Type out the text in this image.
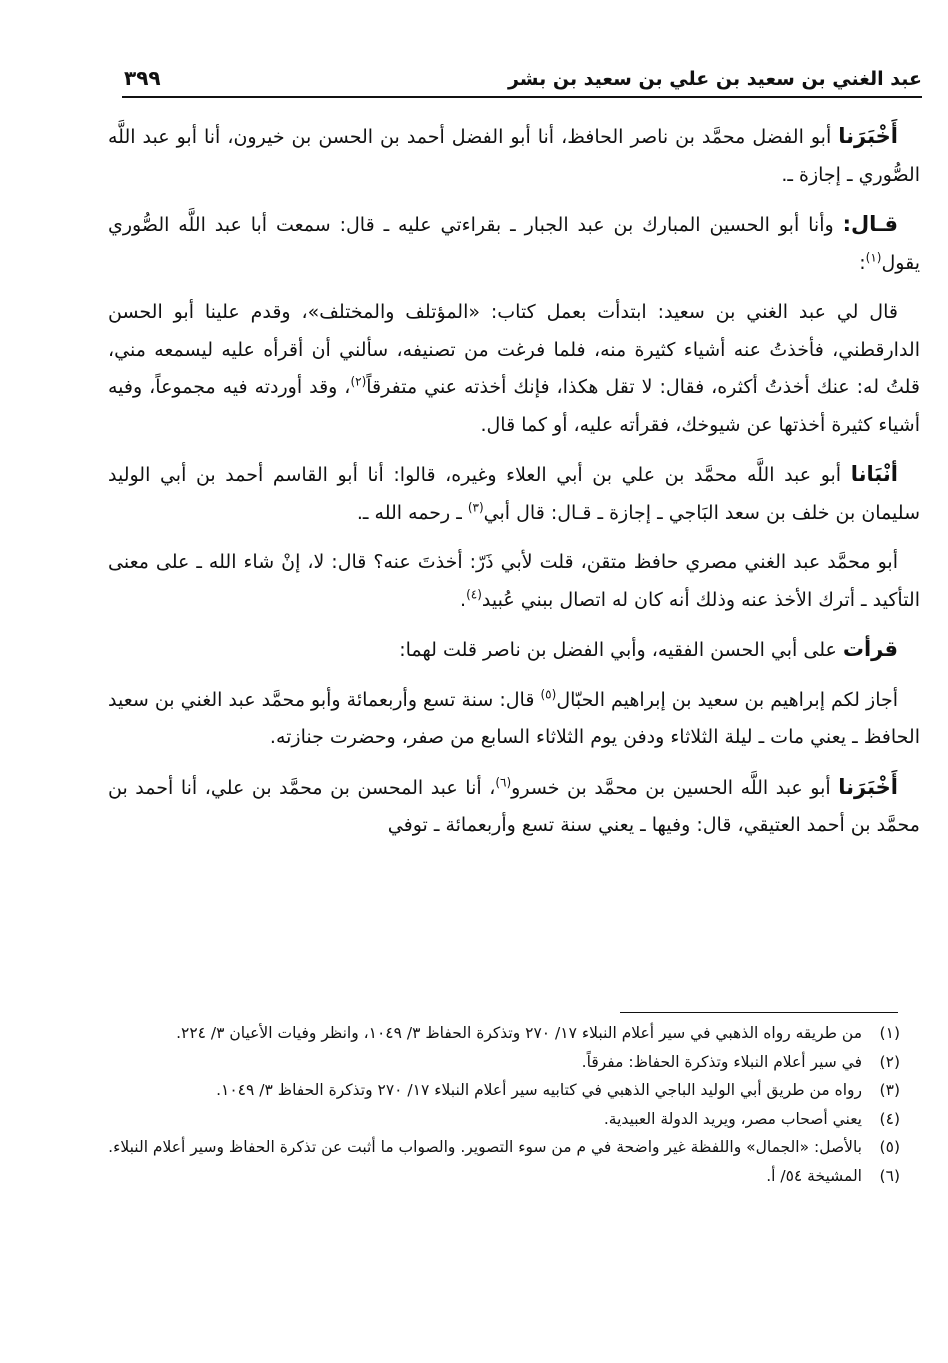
عبد الغني بن سعيد بن علي بن سعيد بن بشر
٣٩٩

أَخْبَرَنا أبو الفضل محمَّد بن ناصر الحافظ، أنا أبو الفضل أحمد بن الحسن بن خيرون، أنا أبو عبد اللَّه الصُّوري ـ إجازة ـ.

قـال: وأنا أبو الحسين المبارك بن عبد الجبار ـ بقراءتي عليه ـ قال: سمعت أبا عبد اللَّه الصُّوري يقول$^{(١)}$:

قال لي عبد الغني بن سعيد: ابتدأت بعمل كتاب: «المؤتلف والمختلف»، وقدم علينا أبو الحسن الدارقطني، فأخذتُ عنه أشياء كثيرة منه، فلما فرغت من تصنيفه، سألني أن أقرأه عليه ليسمعه مني، قلتُ له: عنك أخذتُ أكثره، فقال: لا تقل هكذا، فإنك أخذته عني متفرقاً$^{(٢)}$، وقد أوردته فيه مجموعاً، وفيه أشياء كثيرة أخذتها عن شيوخك، فقرأته عليه، أو كما قال.

أنْبَانا أبو عبد اللَّه محمَّد بن علي بن أبي العلاء وغيره، قالوا: أنا أبو القاسم أحمد بن أبي الوليد سليمان بن خلف بن سعد البَاجي ـ إجازة ـ قـال: قال أبي$^{(٣)}$ ـ رحمه الله ـ.

أبو محمَّد عبد الغني مصري حافظ متقن، قلت لأبي ذَرّ: أخذتَ عنه؟ قال: لا، إنْ شاء الله ـ على معنى التأكيد ـ أترك الأخذ عنه وذلك أنه كان له اتصال ببني عُبيد$^{(٤)}$.

قرأت على أبي الحسن الفقيه، وأبي الفضل بن ناصر قلت لهما:

أجاز لكم إبراهيم بن سعيد بن إبراهيم الحبّال$^{(٥)}$ قال: سنة تسع وأربعمائة وأبو محمَّد عبد الغني بن سعيد الحافظ ـ يعني مات ـ ليلة الثلاثاء ودفن يوم الثلاثاء السابع من صفر، وحضرت جنازته.

أَخْبَرَنا أبو عبد اللَّه الحسين بن محمَّد بن خسرو$^{(٦)}$، أنا عبد المحسن بن محمَّد بن علي، أنا أحمد بن محمَّد بن أحمد العتيقي، قال: وفيها ـ يعني سنة تسع وأربعمائة ـ توفي

(١)
من طريقه رواه الذهبي في سير أعلام النبلاء ١٧/ ٢٧٠ وتذكرة الحفاظ ٣/ ١٠٤٩، وانظر وفيات الأعيان ٣/ ٢٢٤.
(٢)
في سير أعلام النبلاء وتذكرة الحفاظ: مفرقاً.
(٣)
رواه من طريق أبي الوليد الباجي الذهبي في كتابيه سير أعلام النبلاء ١٧/ ٢٧٠ وتذكرة الحفاظ ٣/ ١٠٤٩.
(٤)
يعني أصحاب مصر، ويريد الدولة العبيدية.
(٥)
بالأصل: «الجمال» واللفظة غير واضحة في م من سوء التصوير. والصواب ما أثبت عن تذكرة الحفاظ وسير أعلام النبلاء.
(٦)
المشيخة ٥٤/ أ.
